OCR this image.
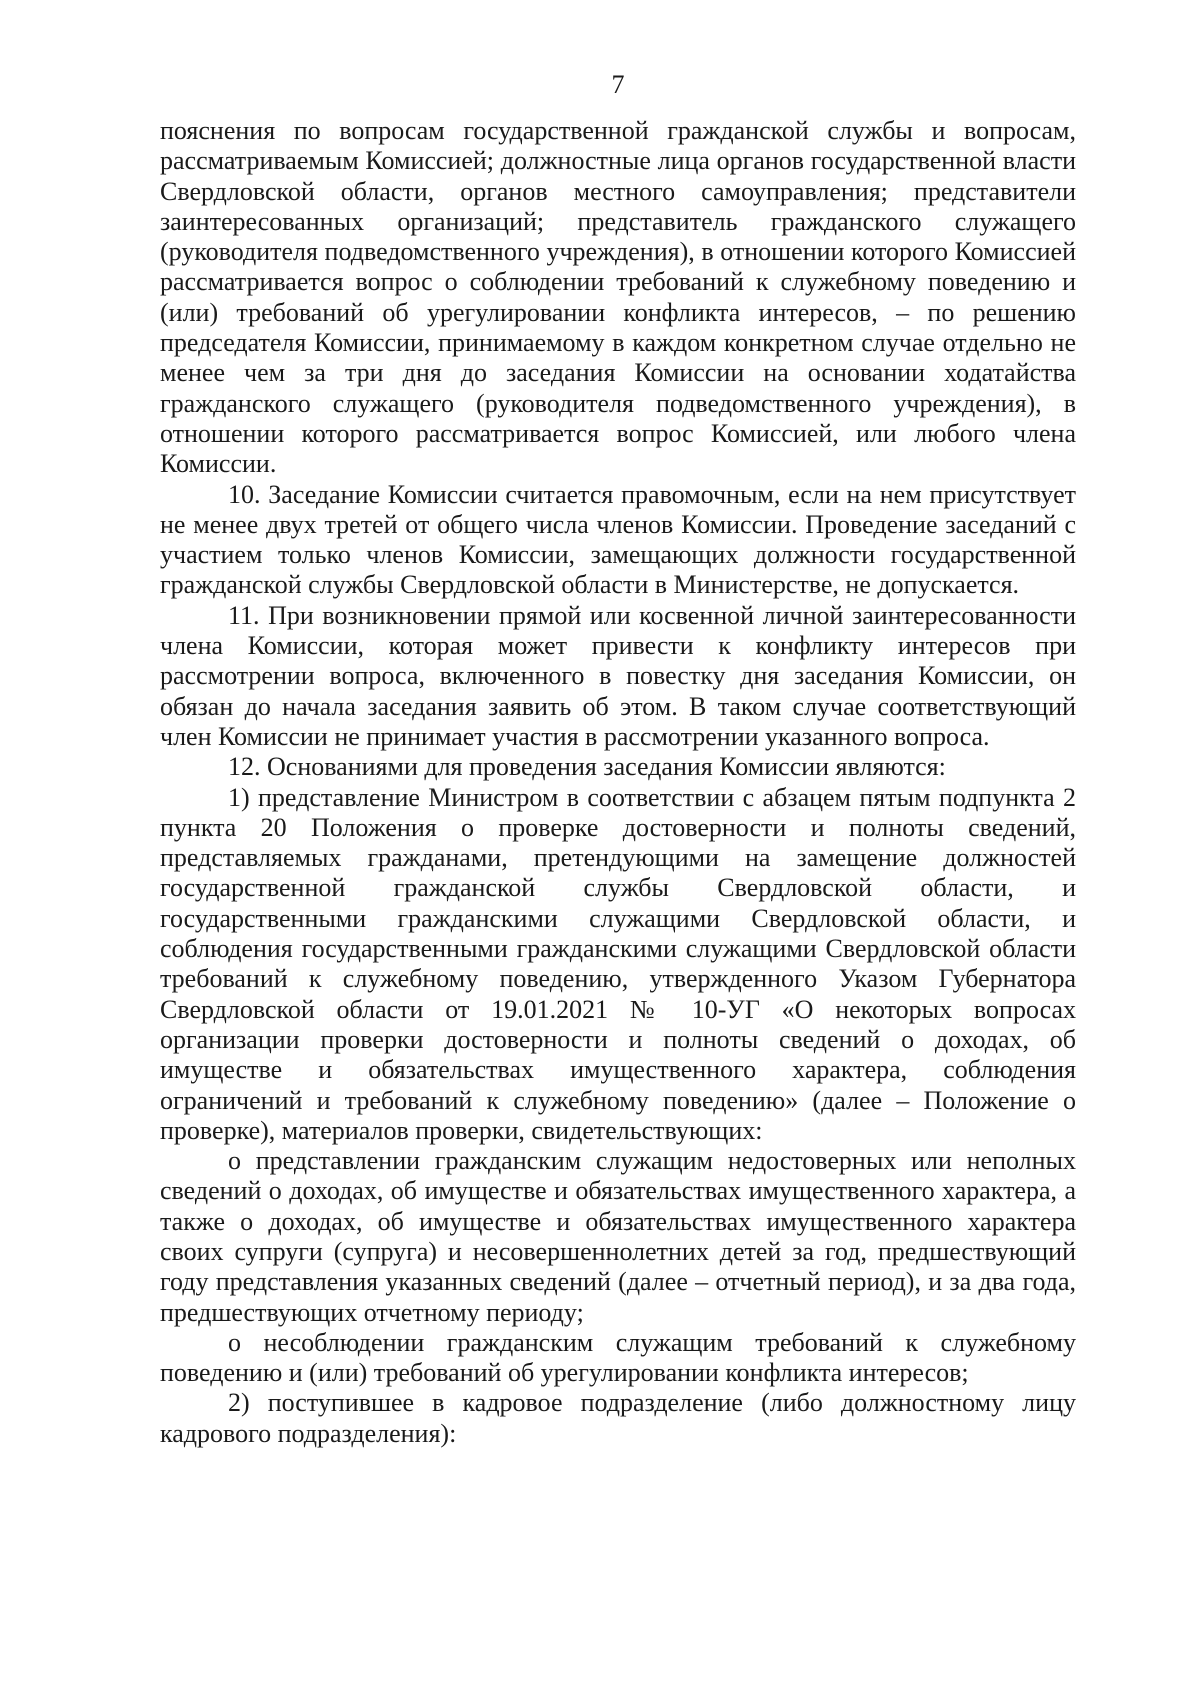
7

пояснения по вопросам государственной гражданской службы и вопросам, рассматриваемым Комиссией; должностные лица органов государственной власти Свердловской области, органов местного самоуправления; представители заинтересованных организаций; представитель гражданского служащего (руководителя подведомственного учреждения), в отношении которого Комиссией рассматривается вопрос о соблюдении требований к служебному поведению и (или) требований об урегулировании конфликта интересов, – по решению председателя Комиссии, принимаемому в каждом конкретном случае отдельно не менее чем за три дня до заседания Комиссии на основании ходатайства гражданского служащего (руководителя подведомственного учреждения), в отношении которого рассматривается вопрос Комиссией, или любого члена Комиссии.

10. Заседание Комиссии считается правомочным, если на нем присутствует не менее двух третей от общего числа членов Комиссии. Проведение заседаний с участием только членов Комиссии, замещающих должности государственной гражданской службы Свердловской области в Министерстве, не допускается.

11. При возникновении прямой или косвенной личной заинтересованности члена Комиссии, которая может привести к конфликту интересов при рассмотрении вопроса, включенного в повестку дня заседания Комиссии, он обязан до начала заседания заявить об этом. В таком случае соответствующий член Комиссии не принимает участия в рассмотрении указанного вопроса.

12. Основаниями для проведения заседания Комиссии являются:

1) представление Министром в соответствии с абзацем пятым подпункта 2 пункта 20 Положения о проверке достоверности и полноты сведений, представляемых гражданами, претендующими на замещение должностей государственной гражданской службы Свердловской области, и государственными гражданскими служащими Свердловской области, и соблюдения государственными гражданскими служащими Свердловской области требований к служебному поведению, утвержденного Указом Губернатора Свердловской области от 19.01.2021 № 10-УГ «О некоторых вопросах организации проверки достоверности и полноты сведений о доходах, об имуществе и обязательствах имущественного характера, соблюдения ограничений и требований к служебному поведению» (далее – Положение о проверке), материалов проверки, свидетельствующих:

о представлении гражданским служащим недостоверных или неполных сведений о доходах, об имуществе и обязательствах имущественного характера, а также о доходах, об имуществе и обязательствах имущественного характера своих супруги (супруга) и несовершеннолетних детей за год, предшествующий году представления указанных сведений (далее – отчетный период), и за два года, предшествующих отчетному периоду;

о несоблюдении гражданским служащим требований к служебному поведению и (или) требований об урегулировании конфликта интересов;

2) поступившее в кадровое подразделение (либо должностному лицу кадрового подразделения):
